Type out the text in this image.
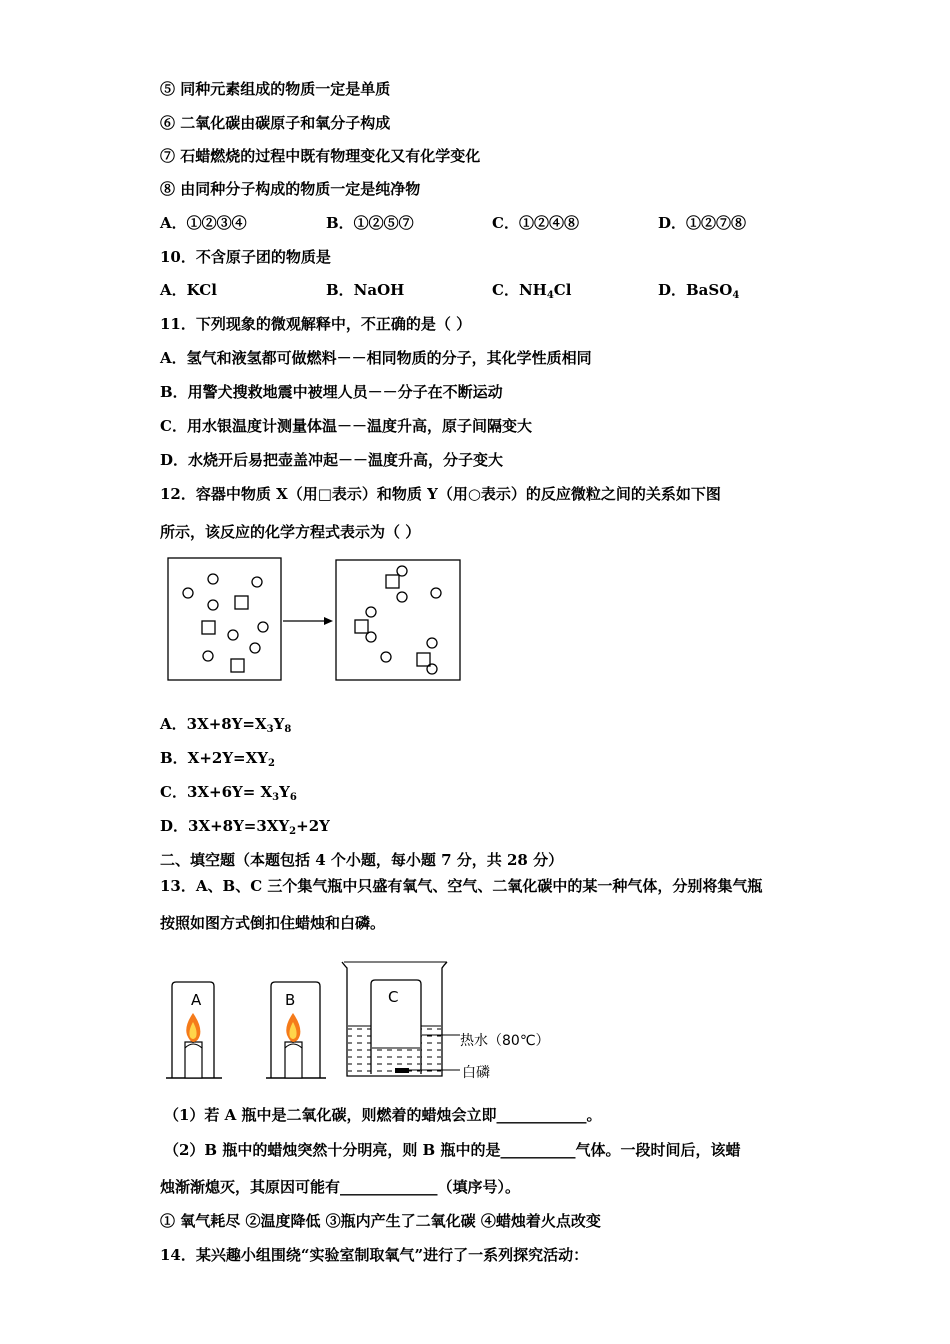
⑤ 同种元素组成的物质一定是单质
⑥ 二氧化碳由碳原子和氧分子构成
⑦ 石蜡燃烧的过程中既有物理变化又有化学变化
⑧ 由同种分子构成的物质一定是纯净物
A．①②③④	B．①②⑤⑦	C．①②④⑧	D．①②⑦⑧
10．不含原子团的物质是
A．KCl	B．NaOH	C．$NH_4Cl$	D．BaSO$_4$
11．下列现象的微观解释中，不正确的是（ ）
A．氢气和液氢都可做燃料－－相同物质的分子，其化学性质相同
B．用警犬搜救地震中被埋人员－－分子在不断运动
C．用水银温度计测量体温－－温度升高，原子间隔变大
D．水烧开后易把壶盖冲起－－温度升高，分子变大
12．容器中物质 X（用□表示）和物质 Y（用○表示）的反应微粒之间的关系如下图
所示，该反应的化学方程式表示为（ ）
A．$3X+8Y=X_3Y_8$
B．$X+2Y=XY_2$
C．$3X+6Y= X_3Y_6$
D．$3X+8Y=3XY_2+2Y$
二、填空题（本题包括 4 个小题，每小题 7 分，共 28 分）
13．A、B、C 三个集气瓶中只盛有氧气、空气、二氧化碳中的某一种气体，分别将集气瓶
按照如图方式倒扣住蜡烛和白磷。
A	B	C
热水（80℃）
白磷
（1）若 A 瓶中是二氧化碳，则燃着的蜡烛会立即____________。
（2）B 瓶中的蜡烛突然十分明亮，则 B 瓶中的是__________气体。一段时间后，该蜡
烛渐渐熄灭，其原因可能有_____________（填序号）。
① 氧气耗尽 ②温度降低 ③瓶内产生了二氧化碳 ④蜡烛着火点改变
14．某兴趣小组围绕“实验室制取氧气”进行了一系列探究活动：
